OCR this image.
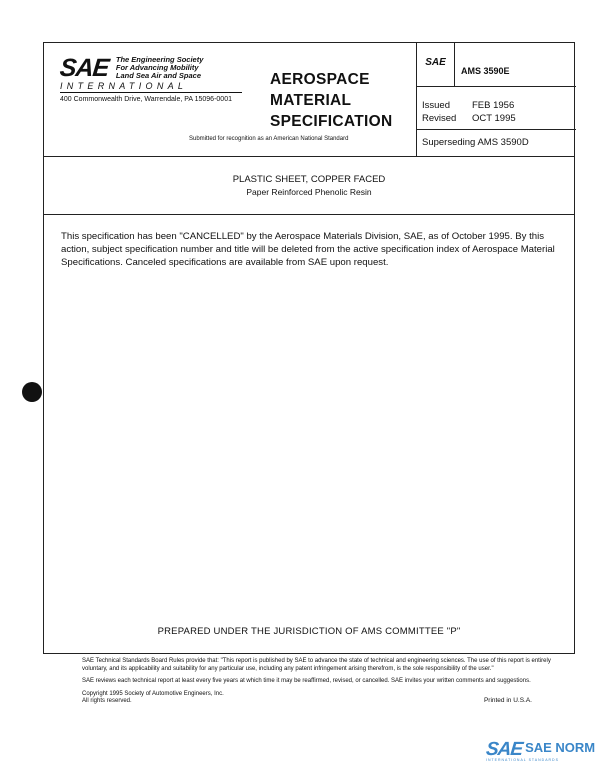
SAE The Engineering Society
For Advancing Mobility
Land Sea Air and Space
INTERNATIONAL
400 Commonwealth Drive, Warrendale, PA 15096-0001
AEROSPACE
MATERIAL
SPECIFICATION
Submitted for recognition as an American National Standard
SAE
AMS 3590E
Issued FEB 1956
Revised OCT 1995
Superseding AMS 3590D
PLASTIC SHEET, COPPER FACED
Paper Reinforced Phenolic Resin
This specification has been "CANCELLED" by the Aerospace Materials Division, SAE, as of October 1995. By this action, subject specification number and title will be deleted from the active specification index of Aerospace Material Specifications. Canceled specifications are available from SAE upon request.
PREPARED UNDER THE JURISDICTION OF AMS COMMITTEE "P"

SAE Technical Standards Board Rules provide that: "This report is published by SAE to advance the state of technical and engineering sciences. The use of this report is entirely voluntary, and its applicability and suitability for any particular use, including any patent infringement arising therefrom, is the sole responsibility of the user."

SAE reviews each technical report at least every five years at which time it may be reaffirmed, revised, or cancelled. SAE invites your written comments and suggestions.

Copyright 1995 Society of Automotive Engineers, Inc.
All rights reserved.	Printed in U.S.A.
SAE SAE NORM
INTERNATIONAL STANDARDS
